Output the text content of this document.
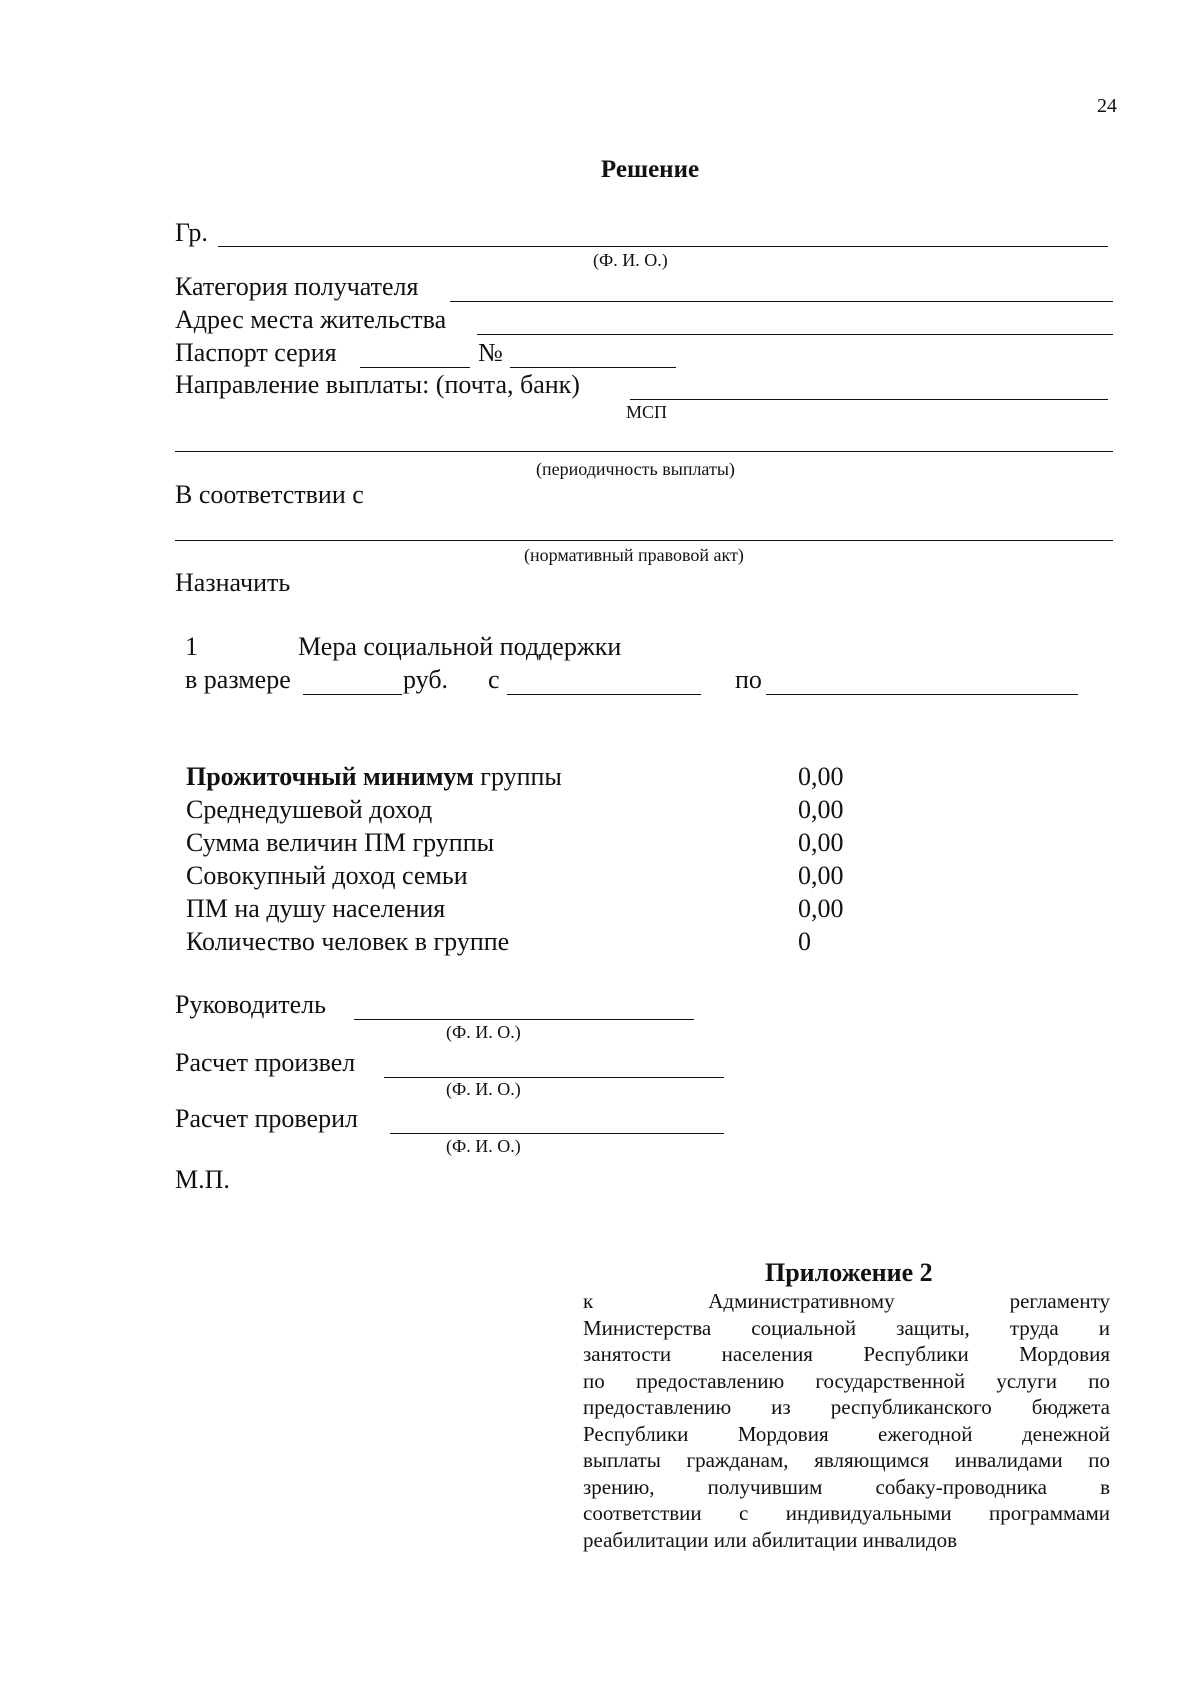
24
Решение
Гр.
(Ф. И. О.)
Категория получателя
Адрес места жительства
Паспорт серия	№
Направление выплаты: (почта, банк)
МСП
(периодичность выплаты)
В соответствии с
(нормативный правовой акт)
Назначить
1	Мера социальной поддержки
в размере	руб. с	по
Прожиточный минимум группы	0,00
Среднедушевой доход	0,00
Сумма величин ПМ группы	0,00
Совокупный доход семьи	0,00
ПМ на душу населения	0,00
Количество человек в группе	0
Руководитель
(Ф. И. О.)
Расчет произвел
(Ф. И. О.)
Расчет проверил
(Ф. И. О.)
М.П.
Приложение 2
к Административному регламенту
Министерства социальной защиты, труда и
занятости населения Республики Мордовия
по предоставлению государственной услуги по
предоставлению из республиканского бюджета
Республики Мордовия ежегодной денежной
выплаты гражданам, являющимся инвалидами по
зрению, получившим собаку-проводника в
соответствии с индивидуальными программами
реабилитации или абилитации инвалидов
